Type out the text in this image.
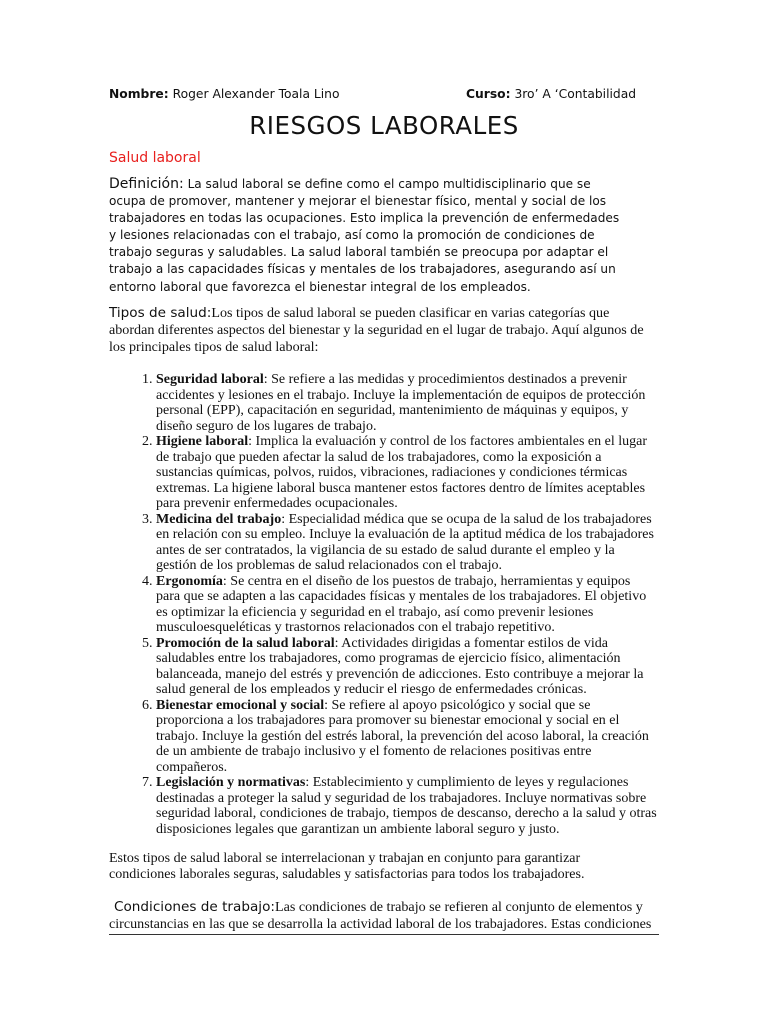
Nombre: Roger Alexander Toala Lino	Curso: 3ro’ A ‘Contabilidad
RIESGOS LABORALES
Salud laboral
Definición: La salud laboral se define como el campo multidisciplinario que se ocupa de promover, mantener y mejorar el bienestar físico, mental y social de los trabajadores en todas las ocupaciones. Esto implica la prevención de enfermedades y lesiones relacionadas con el trabajo, así como la promoción de condiciones de trabajo seguras y saludables. La salud laboral también se preocupa por adaptar el trabajo a las capacidades físicas y mentales de los trabajadores, asegurando así un entorno laboral que favorezca el bienestar integral de los empleados.
Tipos de salud:Los tipos de salud laboral se pueden clasificar en varias categorías que abordan diferentes aspectos del bienestar y la seguridad en el lugar de trabajo. Aquí algunos de los principales tipos de salud laboral:
1. Seguridad laboral: Se refiere a las medidas y procedimientos destinados a prevenir accidentes y lesiones en el trabajo. Incluye la implementación de equipos de protección personal (EPP), capacitación en seguridad, mantenimiento de máquinas y equipos, y diseño seguro de los lugares de trabajo.
2. Higiene laboral: Implica la evaluación y control de los factores ambientales en el lugar de trabajo que pueden afectar la salud de los trabajadores, como la exposición a sustancias químicas, polvos, ruidos, vibraciones, radiaciones y condiciones térmicas extremas. La higiene laboral busca mantener estos factores dentro de límites aceptables para prevenir enfermedades ocupacionales.
3. Medicina del trabajo: Especialidad médica que se ocupa de la salud de los trabajadores en relación con su empleo. Incluye la evaluación de la aptitud médica de los trabajadores antes de ser contratados, la vigilancia de su estado de salud durante el empleo y la gestión de los problemas de salud relacionados con el trabajo.
4. Ergonomía: Se centra en el diseño de los puestos de trabajo, herramientas y equipos para que se adapten a las capacidades físicas y mentales de los trabajadores. El objetivo es optimizar la eficiencia y seguridad en el trabajo, así como prevenir lesiones musculoesqueléticas y trastornos relacionados con el trabajo repetitivo.
5. Promoción de la salud laboral: Actividades dirigidas a fomentar estilos de vida saludables entre los trabajadores, como programas de ejercicio físico, alimentación balanceada, manejo del estrés y prevención de adicciones. Esto contribuye a mejorar la salud general de los empleados y reducir el riesgo de enfermedades crónicas.
6. Bienestar emocional y social: Se refiere al apoyo psicológico y social que se proporciona a los trabajadores para promover su bienestar emocional y social en el trabajo. Incluye la gestión del estrés laboral, la prevención del acoso laboral, la creación de un ambiente de trabajo inclusivo y el fomento de relaciones positivas entre compañeros.
7. Legislación y normativas: Establecimiento y cumplimiento de leyes y regulaciones destinadas a proteger la salud y seguridad de los trabajadores. Incluye normativas sobre seguridad laboral, condiciones de trabajo, tiempos de descanso, derecho a la salud y otras disposiciones legales que garantizan un ambiente laboral seguro y justo.
Estos tipos de salud laboral se interrelacionan y trabajan en conjunto para garantizar condiciones laborales seguras, saludables y satisfactorias para todos los trabajadores.
Condiciones de trabajo:Las condiciones de trabajo se refieren al conjunto de elementos y circunstancias en las que se desarrolla la actividad laboral de los trabajadores. Estas condiciones
